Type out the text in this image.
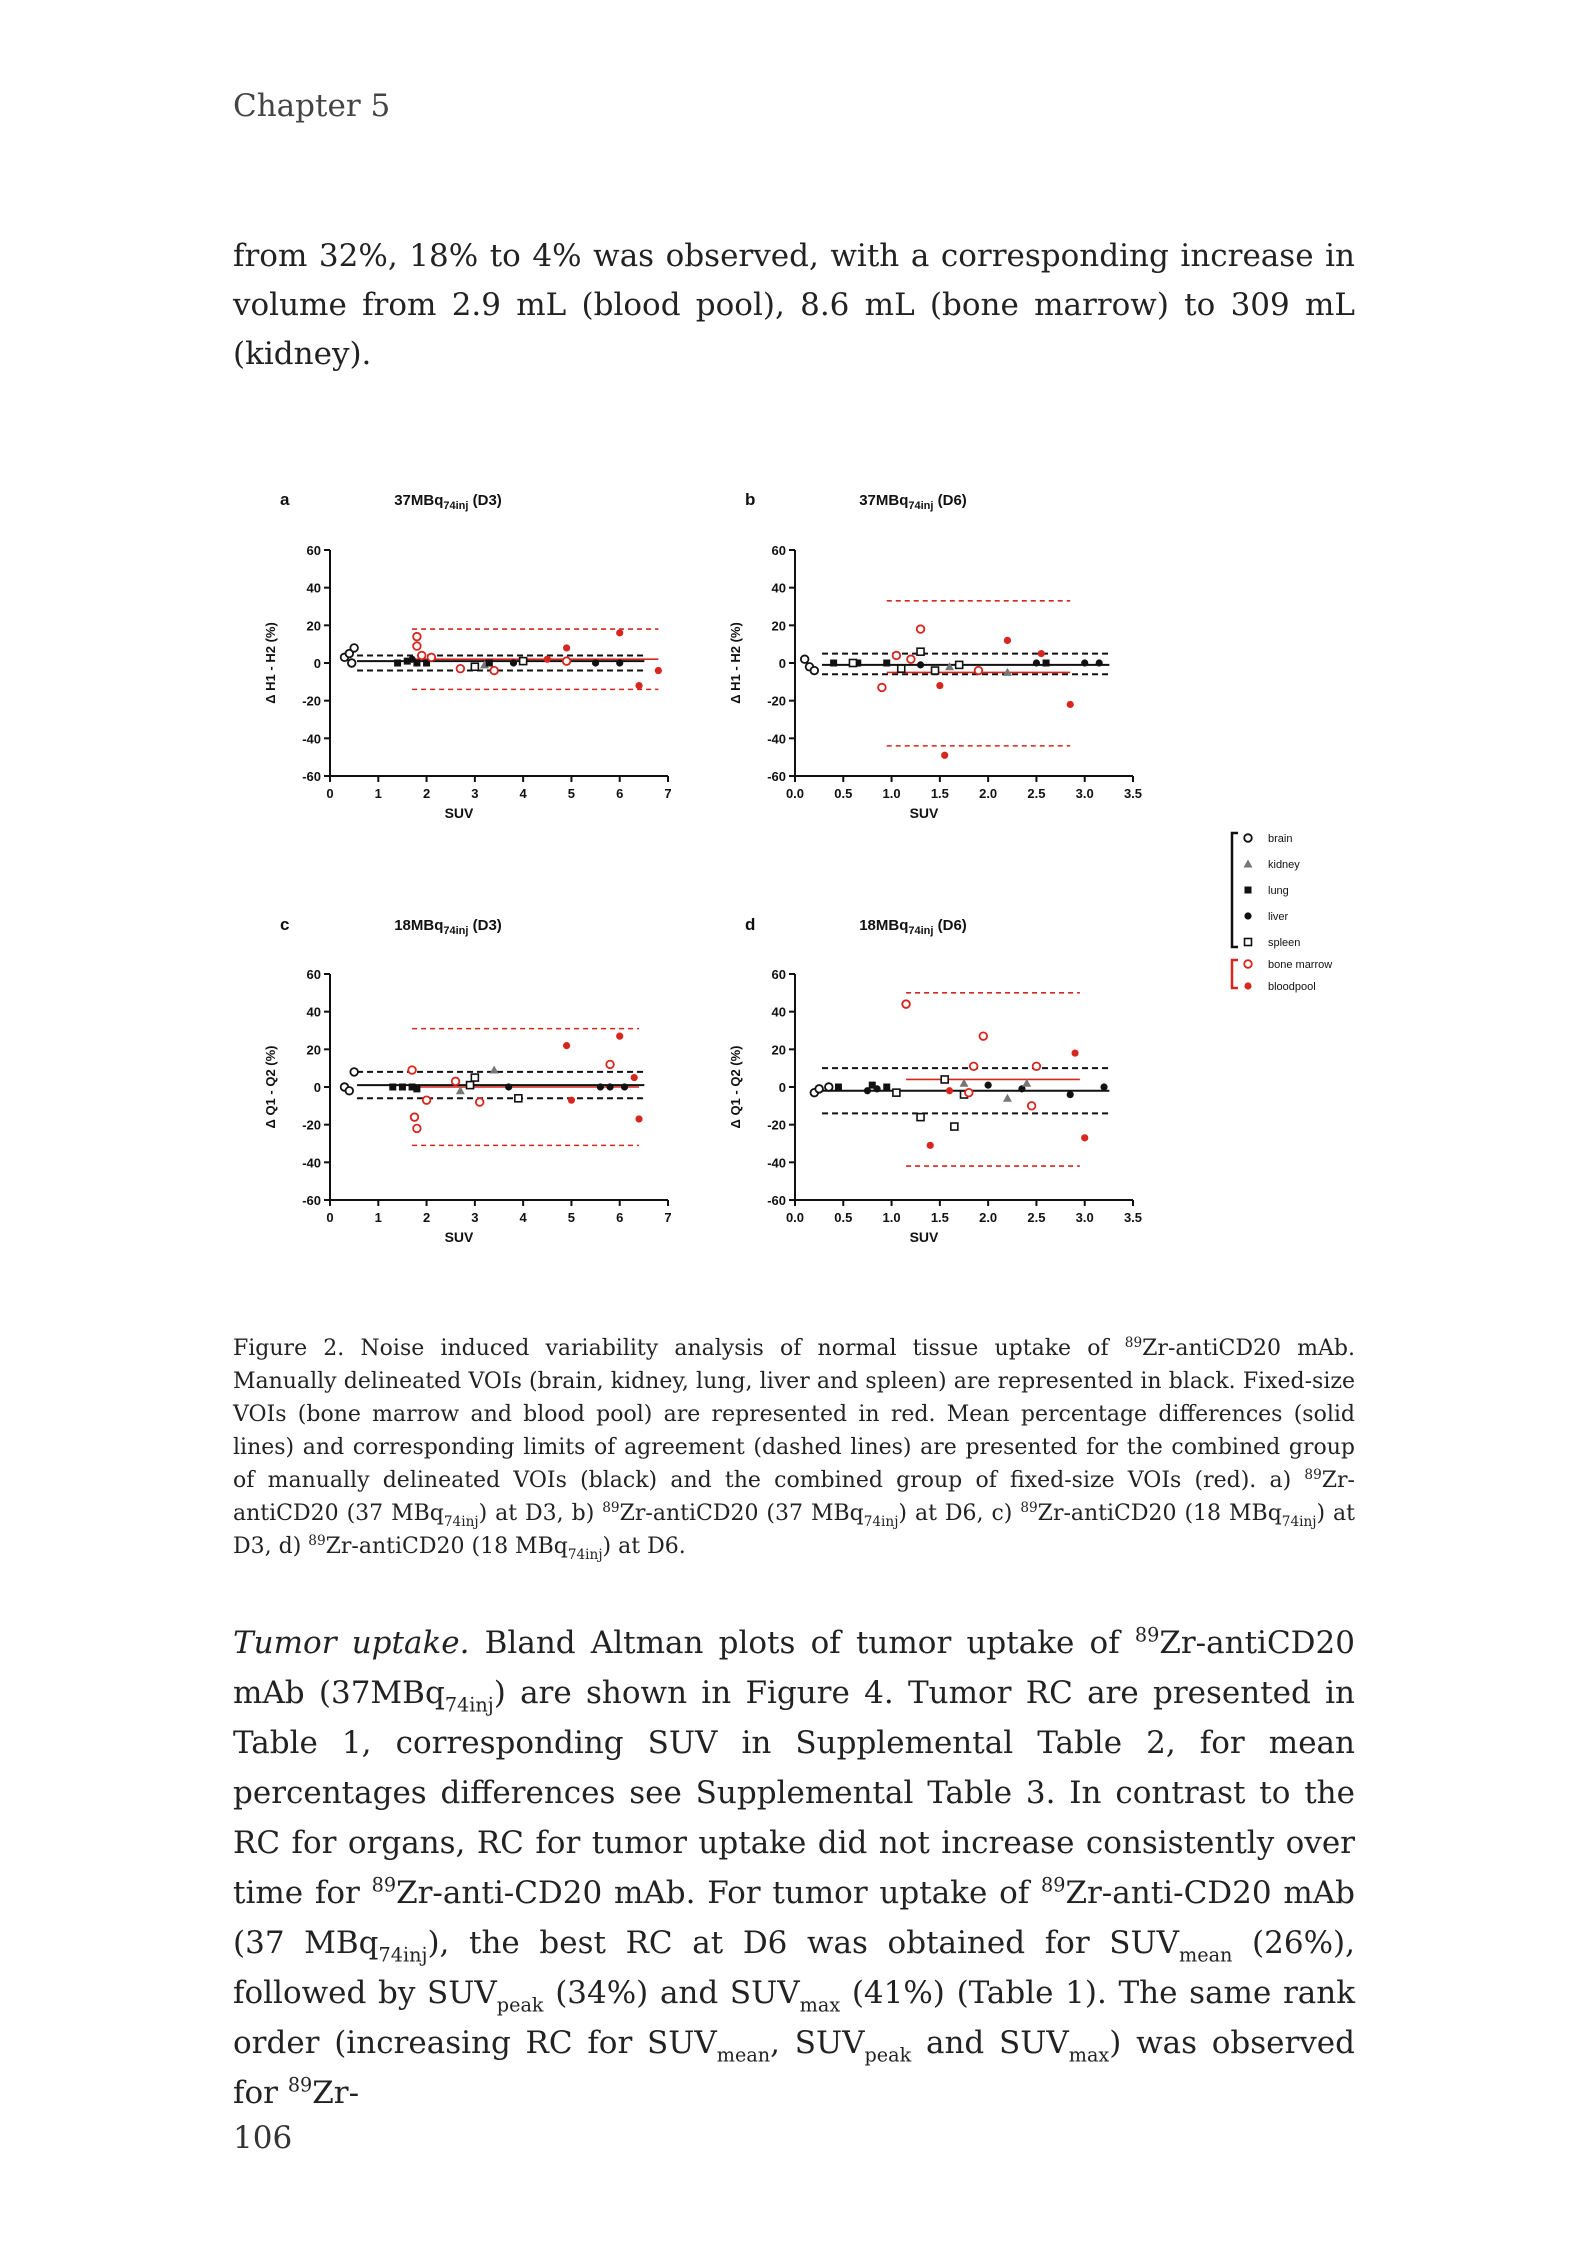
Chapter 5
from 32%, 18% to 4% was observed, with a corresponding increase in volume from 2.9 mL (blood pool), 8.6 mL (bone marrow) to 309 mL (kidney).
a	37MBq$_{74inj}$ (D3)
60
40
20
0
-20
-40
-60
0	1	2	3	4	5	6	7
SUV
Δ H1 - H2 (%)
b	37MBq$_{74inj}$ (D6)
60
40
20
0
-20
-40
-60
0.0 0.5 1.0 1.5 2.0 2.5 3.0 3.5
SUV
Δ H1 - H2 (%)
c	18MBq$_{74inj}$ (D3)
60
40
20
0
-20
-40
-60
0	1	2	3	4	5	6	7
SUV
Δ Q1 - Q2 (%)
d	18MBq$_{74inj}$ (D6)
60
40
20
0
-20
-40
-60
0.0 0.5 1.0 1.5 2.0 2.5 3.0 3.5
SUV
Δ Q1 - Q2 (%)
brain
kidney
lung
liver
spleen
bone marrow
bloodpool
Figure 2. Noise induced variability analysis of normal tissue uptake of $^{89}$Zr-antiCD20 mAb. Manually delineated VOIs (brain, kidney, lung, liver and spleen) are represented in black. Fixed-size VOIs (bone marrow and blood pool) are represented in red. Mean percentage differences (solid lines) and corresponding limits of agreement (dashed lines) are presented for the combined group of manually delineated VOIs (black) and the combined group of fixed-size VOIs (red). a) $^{89}$Zr-antiCD20 (37 MBq$_{74inj}$) at D3, b) $^{89}$Zr-antiCD20 (37 MBq$_{74inj}$) at D6, c) $^{89}$Zr-antiCD20 (18 MBq$_{74inj}$) at D3, d) $^{89}$Zr-antiCD20 (18 MBq$_{74inj}$) at D6.
Tumor uptake. Bland Altman plots of tumor uptake of $^{89}$Zr-antiCD20 mAb (37MBq$_{74inj}$) are shown in Figure 4. Tumor RC are presented in Table 1, corresponding SUV in Supplemental Table 2, for mean percentages differences see Supplemental Table 3. In contrast to the RC for organs, RC for tumor uptake did not increase consistently over time for $^{89}$Zr-anti-CD20 mAb. For tumor uptake of $^{89}$Zr-anti-CD20 mAb (37 MBq$_{74inj}$), the best RC at D6 was obtained for $SUV_{mean}$ (26%), followed by $SUV_{peak}$ (34%) and $SUV_{max}$ (41%) (Table 1). The same rank order (increasing RC for $SUV_{mean}$, $SUV_{peak}$ and $SUV_{max}$) was observed for $^{89}$Zr-
106
